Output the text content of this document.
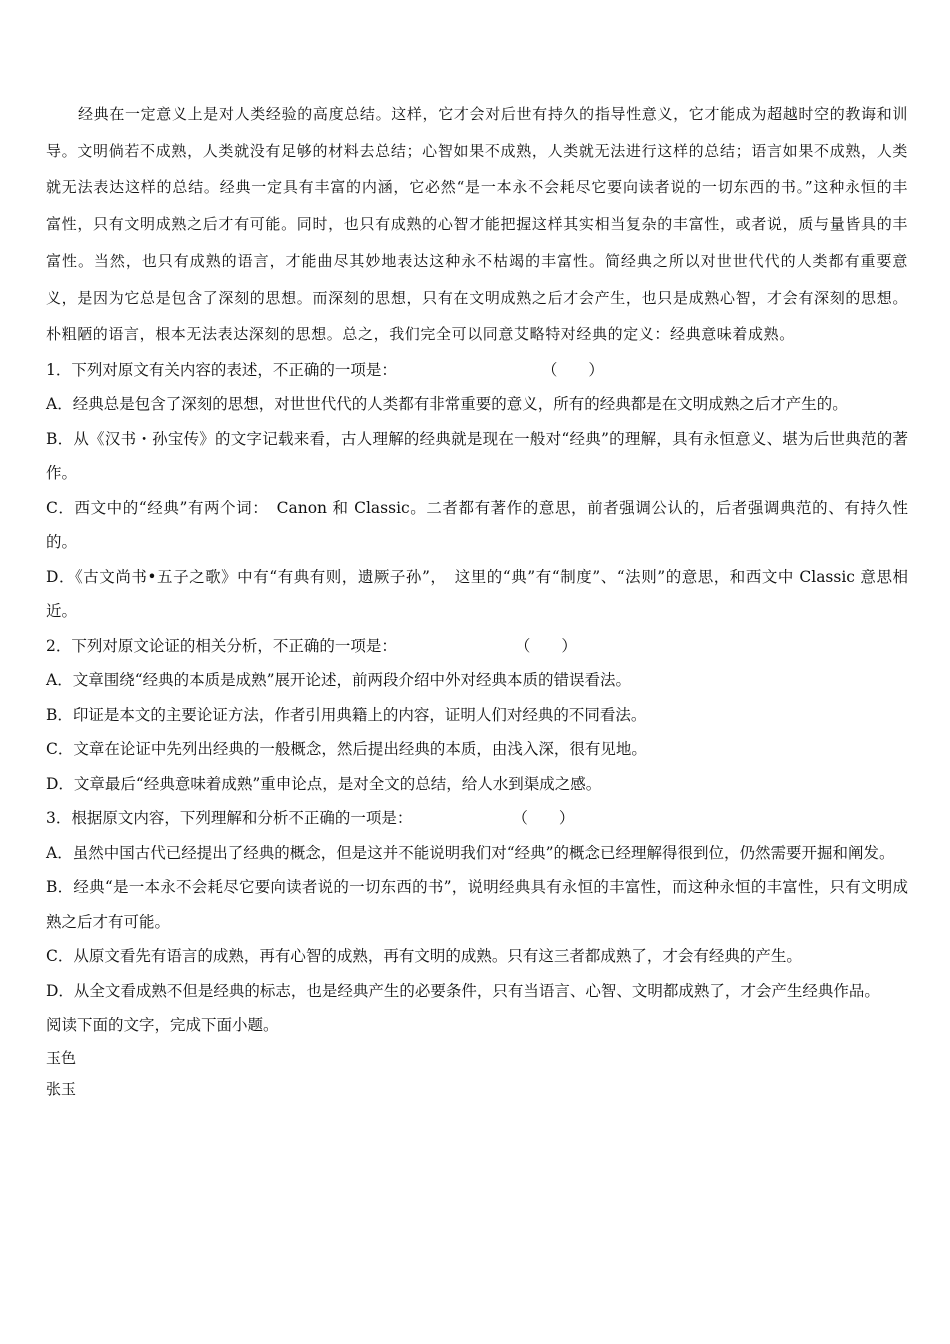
经典在一定意义上是对人类经验的高度总结。这样，它才会对后世有持久的指导性意义，它才能成为超越时空的教诲和训导。文明倘若不成熟，人类就没有足够的材料去总结；心智如果不成熟，人类就无法进行这样的总结；语言如果不成熟，人类就无法表达这样的总结。经典一定具有丰富的内涵，它必然“是一本永不会耗尽它要向读者说的一切东西的书。”这种永恒的丰富性，只有文明成熟之后才有可能。同时，也只有成熟的心智才能把握这样其实相当复杂的丰富性，或者说，质与量皆具的丰富性。当然，也只有成熟的语言，才能曲尽其妙地表达这种永不枯竭的丰富性。简经典之所以对世世代代的人类都有重要意义，是因为它总是包含了深刻的思想。而深刻的思想，只有在文明成熟之后才会产生，也只是成熟心智，才会有深刻的思想。朴粗陋的语言，根本无法表达深刻的思想。总之，我们完全可以同意艾略特对经典的定义：经典意味着成熟。

1．下列对原文有关内容的表述，不正确的一项是：	（　　）

A．经典总是包含了深刻的思想，对世世代代的人类都有非常重要的意义，所有的经典都是在文明成熟之后才产生的。

B．从《汉书・孙宝传》的文字记载来看，古人理解的经典就是现在一般对“经典”的理解，具有永恒意义、堪为后世典范的著作。

C．西文中的“经典”有两个词：　Canon 和 Classic。二者都有著作的意思，前者强调公认的，后者强调典范的、有持久性的。

D．《古文尚书•五子之歌》中有“有典有则，遗厥子孙”，　这里的“典”有“制度”、“法则”的意思，和西文中 Classic 意思相近。

2．下列对原文论证的相关分析，不正确的一项是：	（　　）

A．文章围绕“经典的本质是成熟”展开论述，前两段介绍中外对经典本质的错误看法。

B．印证是本文的主要论证方法，作者引用典籍上的内容，证明人们对经典的不同看法。

C．文章在论证中先列出经典的一般概念，然后提出经典的本质，由浅入深，很有见地。

D．文章最后“经典意味着成熟”重申论点，是对全文的总结，给人水到渠成之感。

3．根据原文内容，下列理解和分析不正确的一项是：	（　　）

A．虽然中国古代已经提出了经典的概念，但是这并不能说明我们对“经典”的概念已经理解得很到位，仍然需要开掘和阐发。

B．经典“是一本永不会耗尽它要向读者说的一切东西的书”，说明经典具有永恒的丰富性，而这种永恒的丰富性，只有文明成熟之后才有可能。

C．从原文看先有语言的成熟，再有心智的成熟，再有文明的成熟。只有这三者都成熟了，才会有经典的产生。

D．从全文看成熟不但是经典的标志，也是经典产生的必要条件，只有当语言、心智、文明都成熟了，才会产生经典作品。

阅读下面的文字，完成下面小题。

玉色

张玉
